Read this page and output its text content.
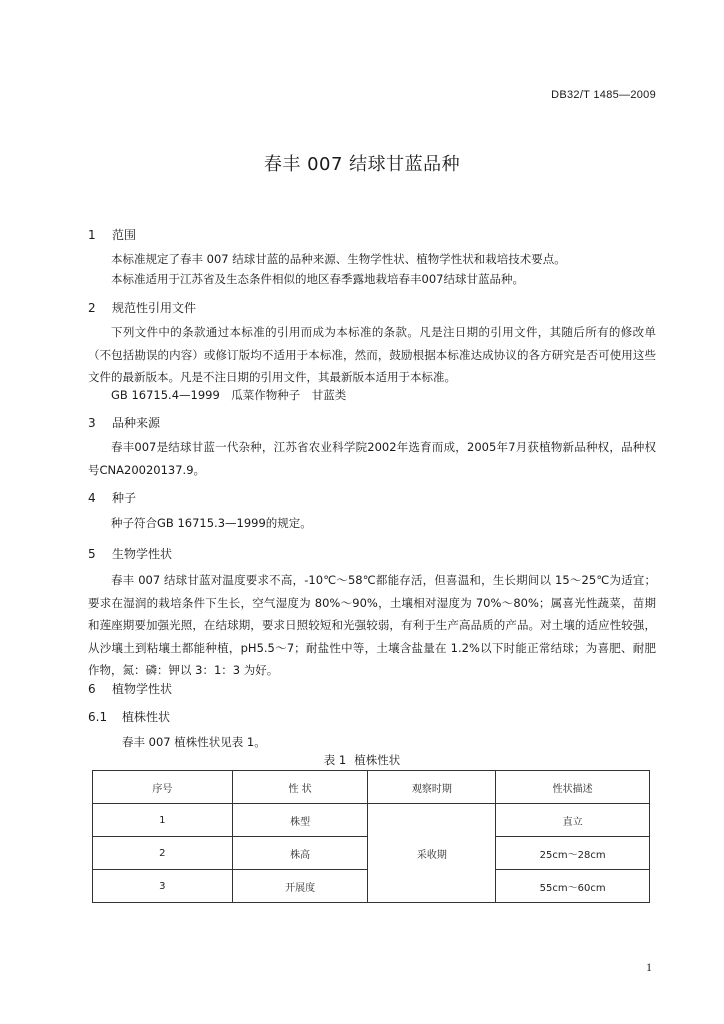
DB32/T 1485—2009
春丰 007 结球甘蓝品种
1 范围
本标准规定了春丰 007 结球甘蓝的品种来源、生物学性状、植物学性状和栽培技术要点。
本标准适用于江苏省及生态条件相似的地区春季露地栽培春丰007结球甘蓝品种。
2 规范性引用文件
下列文件中的条款通过本标准的引用而成为本标准的条款。凡是注日期的引用文件，其随后所有的修改单（不包括勘误的内容）或修订版均不适用于本标准，然而，鼓励根据本标准达成协议的各方研究是否可使用这些文件的最新版本。凡是不注日期的引用文件，其最新版本适用于本标准。
GB 16715.4—1999　瓜菜作物种子　甘蓝类
3 品种来源
春丰007是结球甘蓝一代杂种，江苏省农业科学院2002年选育而成，2005年7月获植物新品种权，品种权号CNA20020137.9。
4 种子
种子符合GB 16715.3—1999的规定。
5 生物学性状
春丰 007 结球甘蓝对温度要求不高，-10℃～58℃都能存活，但喜温和，生长期间以 15～25℃为适宜；要求在湿润的栽培条件下生长，空气湿度为 80%～90%，土壤相对湿度为 70%～80%；属喜光性蔬菜，苗期和莲座期要加强光照，在结球期，要求日照较短和光强较弱，有利于生产高品质的产品。对土壤的适应性较强，从沙壤土到粘壤土都能种植，pH5.5～7；耐盐性中等，土壤含盐量在 1.2%以下时能正常结球；为喜肥、耐肥作物，氮：磷：钾以 3：1：3 为好。
6 植物学性状
6.1 植株性状
春丰 007 植株性状见表 1。
表 1 植株性状
序号	性 状	观察时期	性状描述
1	株型	采收期	直立
2	株高		25cm～28cm
3	开展度		55cm～60cm
1
